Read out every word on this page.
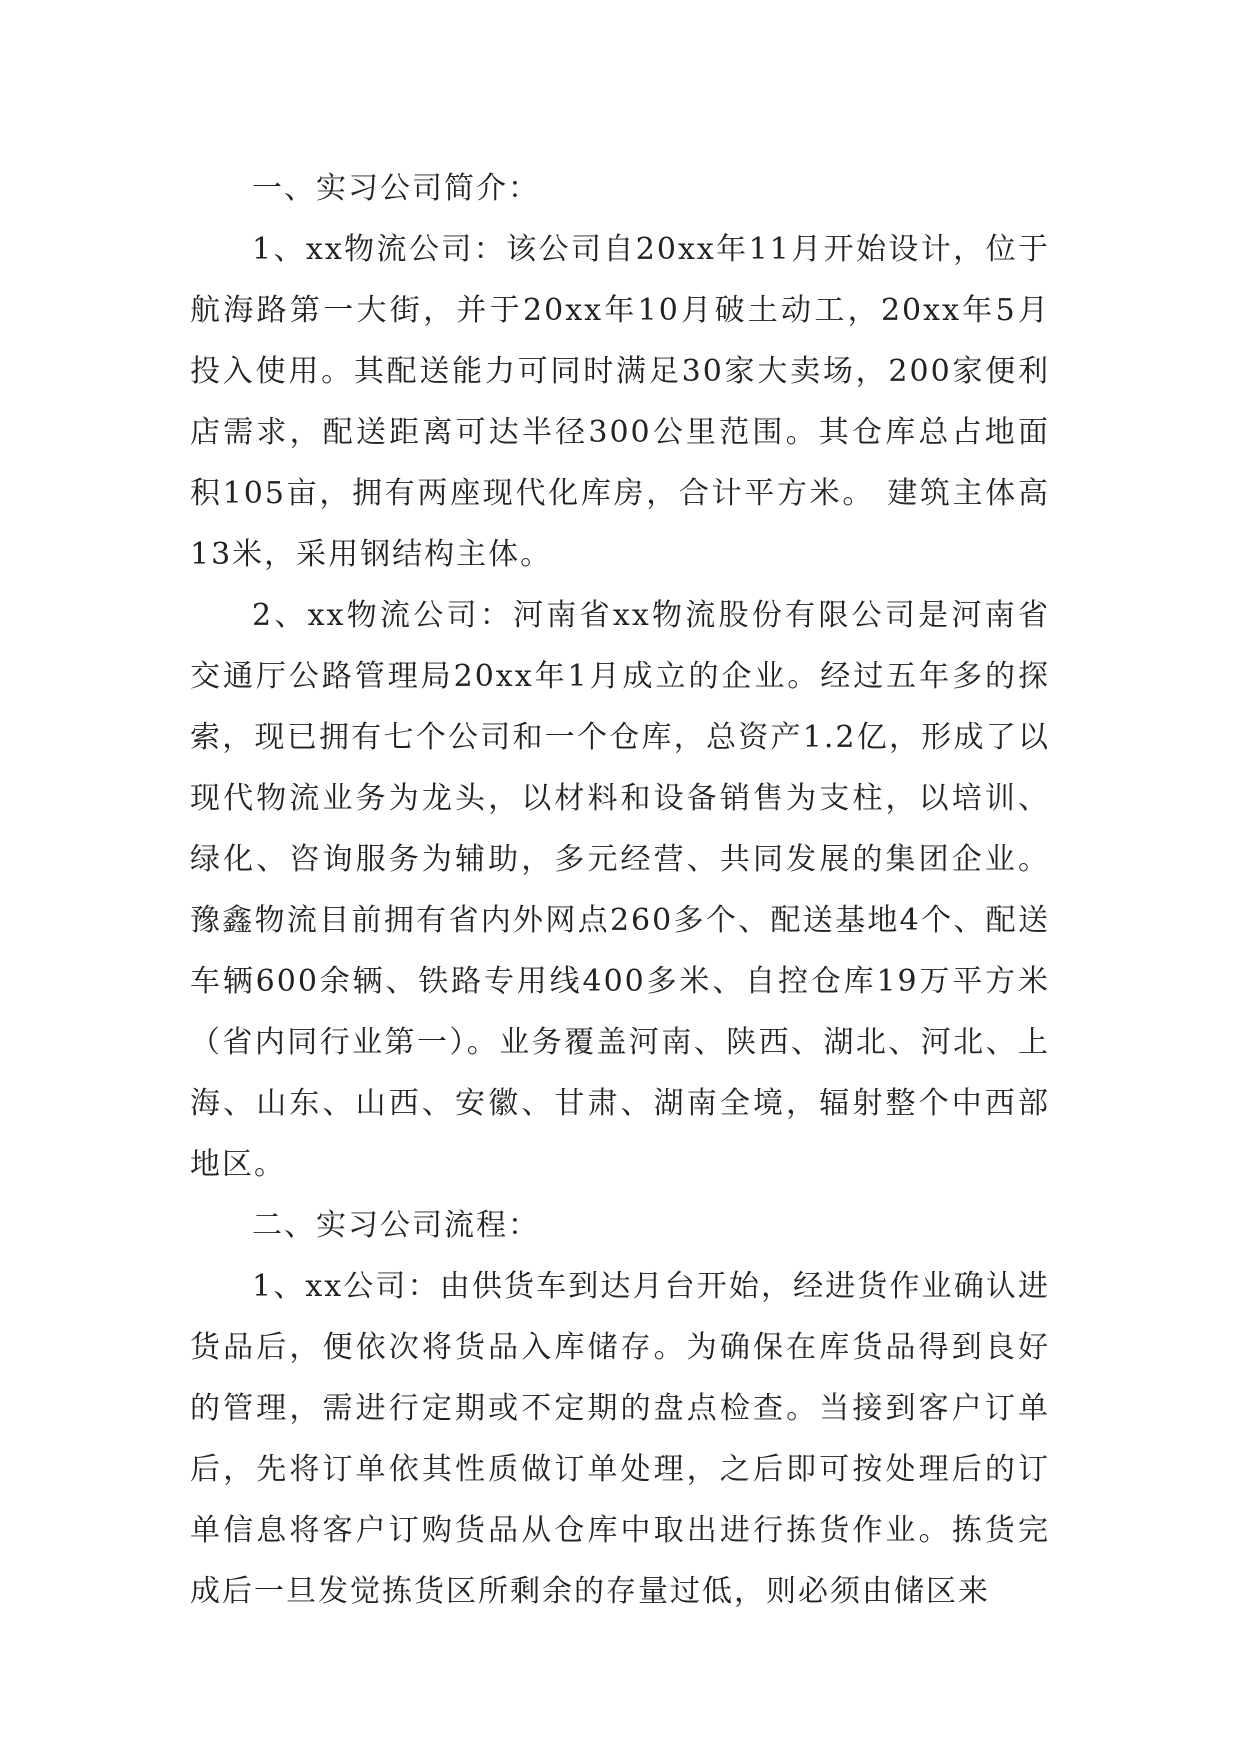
一、实习公司简介：

1、xx物流公司：该公司自20xx年11月开始设计，位于航海路第一大街，并于20xx年10月破土动工，20xx年5月投入使用。其配送能力可同时满足30家大卖场，200家便利店需求，配送距离可达半径300公里范围。其仓库总占地面积105亩，拥有两座现代化库房，合计平方米。 建筑主体高13米，采用钢结构主体。

2、xx物流公司：河南省xx物流股份有限公司是河南省交通厅公路管理局20xx年1月成立的企业。经过五年多的探索，现已拥有七个公司和一个仓库，总资产1.2亿，形成了以现代物流业务为龙头，以材料和设备销售为支柱，以培训、绿化、咨询服务为辅助，多元经营、共同发展的集团企业。豫鑫物流目前拥有省内外网点260多个、配送基地4个、配送车辆600余辆、铁路专用线400多米、自控仓库19万平方米（省内同行业第一）。业务覆盖河南、陕西、湖北、河北、上海、山东、山西、安徽、甘肃、湖南全境，辐射整个中西部地区。

二、实习公司流程：

1、xx公司：由供货车到达月台开始，经进货作业确认进货品后，便依次将货品入库储存。为确保在库货品得到良好的管理，需进行定期或不定期的盘点检查。当接到客户订单后，先将订单依其性质做订单处理，之后即可按处理后的订单信息将客户订购货品从仓库中取出进行拣货作业。拣货完成后一旦发觉拣货区所剩余的存量过低，则必须由储区来
